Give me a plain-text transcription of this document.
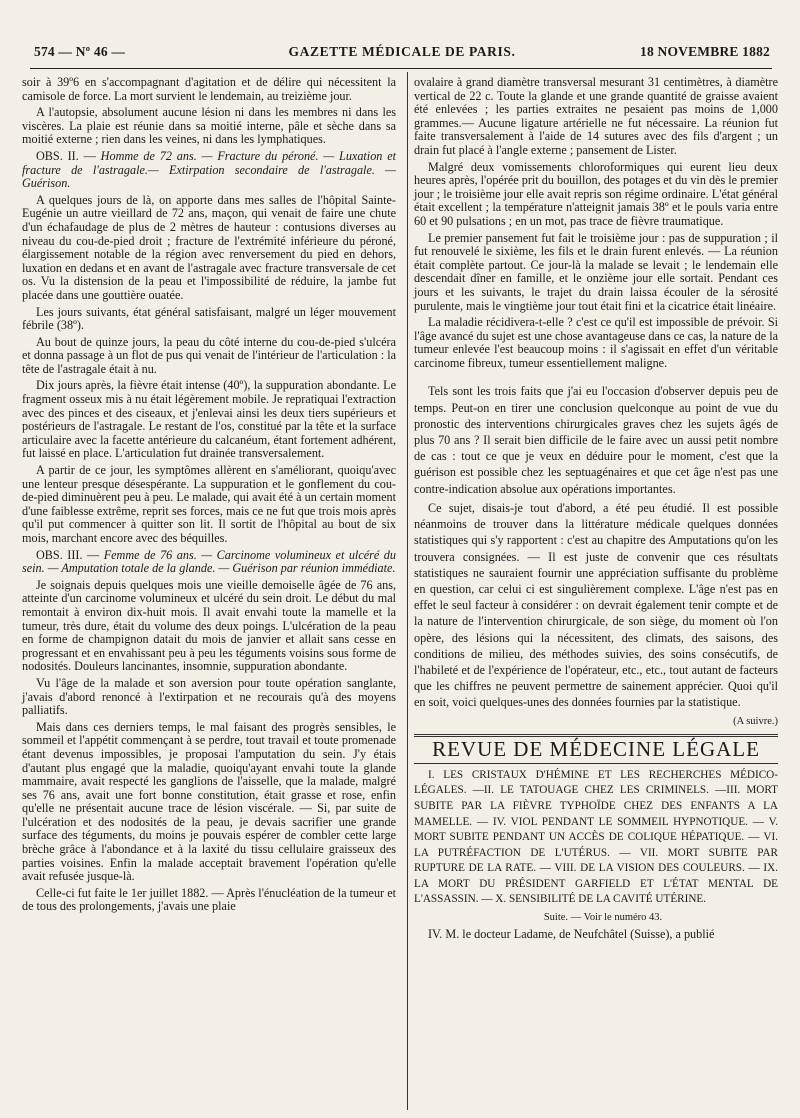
574 — Nº 46 —	GAZETTE MÉDICALE DE PARIS.	18 NOVEMBRE 1882

soir à 39º6 en s'accompagnant d'agitation et de délire qui nécessitent la camisole de force. La mort survient le lendemain, au treizième jour.

A l'autopsie, absolument aucune lésion ni dans les membres ni dans les viscères. La plaie est réunie dans sa moitié interne, pâle et sèche dans sa moitié externe ; rien dans les veines, ni dans les lymphatiques.

OBS. II. — Homme de 72 ans. — Fracture du péroné. — Luxation et fracture de l'astragale.— Extirpation secondaire de l'astragale. — Guérison.

A quelques jours de là, on apporte dans mes salles de l'hôpital Sainte-Eugénie un autre vieillard de 72 ans, maçon, qui venait de faire une chute d'un échafaudage de plus de 2 mètres de hauteur : contusions diverses au niveau du cou-de-pied droit ; fracture de l'extrémité inférieure du péroné, élargissement notable de la région avec renversement du pied en dehors, luxation en dedans et en avant de l'astragale avec fracture transversale de cet os. Vu la distension de la peau et l'impossibilité de réduire, la jambe fut placée dans une gouttière ouatée.

Les jours suivants, état général satisfaisant, malgré un léger mouvement fébrile (38º).

Au bout de quinze jours, la peau du côté interne du cou-de-pied s'ulcéra et donna passage à un flot de pus qui venait de l'intérieur de l'articulation : la tête de l'astragale était à nu.

Dix jours après, la fièvre était intense (40º), la suppuration abondante. Le fragment osseux mis à nu était légèrement mobile. Je repratiquai l'extraction avec des pinces et des ciseaux, et j'enlevai ainsi les deux tiers supérieurs et postérieurs de l'astragale. Le restant de l'os, constitué par la tête et la surface articulaire avec la facette antérieure du calcanéum, étant fortement adhérent, fut laissé en place. L'articulation fut drainée transversalement.

A partir de ce jour, les symptômes allèrent en s'améliorant, quoiqu'avec une lenteur presque désespérante. La suppuration et le gonflement du cou-de-pied diminuèrent peu à peu. Le malade, qui avait été à un certain moment d'une faiblesse extrême, reprit ses forces, mais ce ne fut que trois mois après qu'il put commencer à quitter son lit. Il sortit de l'hôpital au bout de six mois, marchant encore avec des béquilles.

OBS. III. — Femme de 76 ans. — Carcinome volumineux et ulcéré du sein. — Amputation totale de la glande. — Guérison par réunion immédiate.

Je soignais depuis quelques mois une vieille demoiselle âgée de 76 ans, atteinte d'un carcinome volumineux et ulcéré du sein droit. Le début du mal remontait à environ dix-huit mois. Il avait envahi toute la mamelle et la tumeur, très dure, était du volume des deux poings. L'ulcération de la peau en forme de champignon datait du mois de janvier et allait sans cesse en progressant et en envahissant peu à peu les téguments voisins sous forme de nodosités. Douleurs lancinantes, insomnie, suppuration abondante.

Vu l'âge de la malade et son aversion pour toute opération sanglante, j'avais d'abord renoncé à l'extirpation et ne recourais qu'à des moyens palliatifs.

Mais dans ces derniers temps, le mal faisant des progrès sensibles, le sommeil et l'appétit commençant à se perdre, tout travail et toute promenade étant devenus impossibles, je proposai l'amputation du sein. J'y étais d'autant plus engagé que la maladie, quoiqu'ayant envahi toute la glande mammaire, avait respecté les ganglions de l'aisselle, que la malade, malgré ses 76 ans, avait une fort bonne constitution, était grasse et rose, enfin qu'elle ne présentait aucune trace de lésion viscérale. — Si, par suite de l'ulcération et des nodosités de la peau, je devais sacrifier une grande surface des téguments, du moins je pouvais espérer de combler cette large brèche grâce à l'abondance et à la laxité du tissu cellulaire graisseux des parties voisines. Enfin la malade acceptait bravement l'opération qu'elle avait refusée jusque-là.

Celle-ci fut faite le 1er juillet 1882. — Après l'énucléation de la tumeur et de tous des prolongements, j'avais une plaie

ovalaire à grand diamètre transversal mesurant 31 centimètres, à diamètre vertical de 22 c. Toute la glande et une grande quantité de graisse avaient été enlevées ; les parties extraites ne pesaient pas moins de 1,000 grammes.— Aucune ligature artérielle ne fut nécessaire. La réunion fut faite transversalement à l'aide de 14 sutures avec des fils d'argent ; un drain fut placé à l'angle externe ; pansement de Lister.

Malgré deux vomissements chloroformiques qui eurent lieu deux heures après, l'opérée prit du bouillon, des potages et du vin dès le premier jour ; le troisième jour elle avait repris son régime ordinaire. L'état général était excellent ; la température n'atteignit jamais 38º et le pouls varia entre 60 et 90 pulsations ; en un mot, pas trace de fièvre traumatique.

Le premier pansement fut fait le troisième jour : pas de suppuration ; il fut renouvelé le sixième, les fils et le drain furent enlevés. — La réunion était complète partout. Ce jour-là la malade se levait ; le lendemain elle descendait dîner en famille, et le onzième jour elle sortait. Pendant ces jours et les suivants, le trajet du drain laissa écouler de la sérosité purulente, mais le vingtième jour tout était fini et la cicatrice était linéaire.

La maladie récidivera-t-elle ? c'est ce qu'il est impossible de prévoir. Si l'âge avancé du sujet est une chose avantageuse dans ce cas, la nature de la tumeur enlevée l'est beaucoup moins : il s'agissait en effet d'un véritable carcinome fibreux, tumeur essentiellement maligne.

Tels sont les trois faits que j'ai eu l'occasion d'observer depuis peu de temps. Peut-on en tirer une conclusion quelconque au point de vue du pronostic des interventions chirurgicales graves chez les sujets âgés de plus 70 ans ? Il serait bien difficile de le faire avec un aussi petit nombre de cas : tout ce que je veux en déduire pour le moment, c'est que la guérison est possible chez les septuagénaires et que cet âge n'est pas une contre-indication absolue aux opérations importantes.

Ce sujet, disais-je tout d'abord, a été peu étudié. Il est possible néanmoins de trouver dans la littérature médicale quelques données statistiques qui s'y rapportent : c'est au chapitre des Amputations qu'on les trouvera consignées. — Il est juste de convenir que ces résultats statistiques ne sauraient fournir une appréciation suffisante du problème en question, car celui ci est singulièrement complexe. L'âge n'est pas en effet le seul facteur à considérer : on devrait également tenir compte et de la nature de l'intervention chirurgicale, de son siège, du moment où l'on opère, des lésions qui la nécessitent, des climats, des saisons, des conditions de milieu, des méthodes suivies, des soins consécutifs, de l'habileté et de l'expérience de l'opérateur, etc., etc., tout autant de facteurs que les chiffres ne peuvent permettre de sainement apprécier. Quoi qu'il en soit, voici quelques-unes des données fournies par la statistique.

(A suivre.)

REVUE DE MÉDECINE LÉGALE

I. LES CRISTAUX D'HÉMINE ET LES RECHERCHES MÉDICO-LÉGALES. —II. LE TATOUAGE CHEZ LES CRIMINELS. —III. MORT SUBITE PAR LA FIÈVRE TYPHOÏDE CHEZ DES ENFANTS A LA MAMELLE. — IV. VIOL PENDANT LE SOMMEIL HYPNOTIQUE. — V. MORT SUBITE PENDANT UN ACCÈS DE COLIQUE HÉPATIQUE. — VI. LA PUTRÉFACTION DE L'UTÉRUS. — VII. MORT SUBITE PAR RUPTURE DE LA RATE. — VIII. DE LA VISION DES COULEURS. — IX. LA MORT DU PRÉSIDENT GARFIELD ET L'ÉTAT MENTAL DE L'ASSASSIN. — X. SENSIBILITÉ DE LA CAVITÉ UTÉRINE.

Suite. — Voir le numéro 43.

IV. M. le docteur Ladame, de Neufchâtel (Suisse), a publié
